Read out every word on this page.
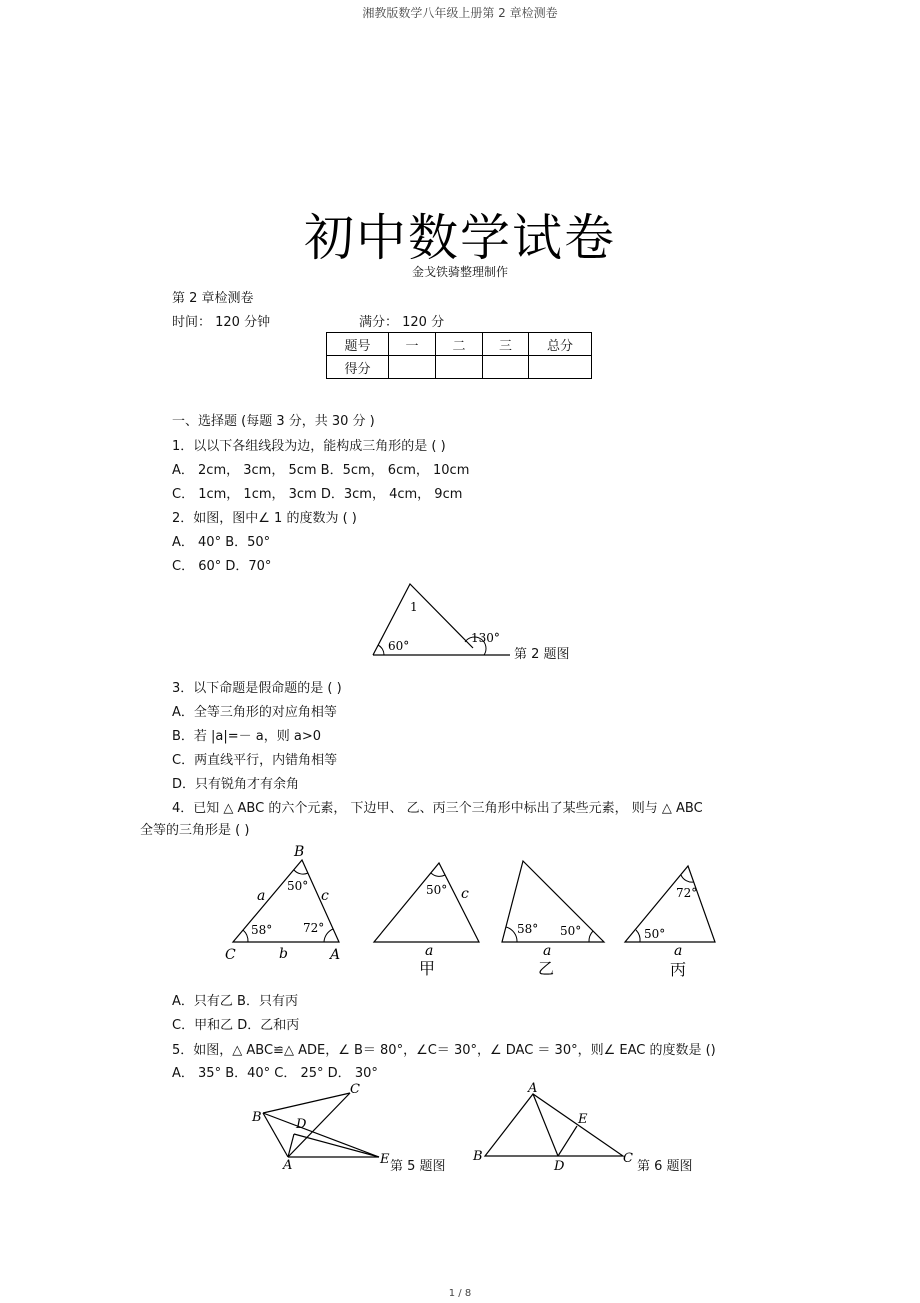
湘教版数学八年级上册第 2 章检测卷
初中数学试卷
金戈铁骑整理制作
第 2 章检测卷
时间： 120 分钟	满分： 120 分
题号	一	二	三	总分
得分				
一、选择题 (每题 3 分，共 30 分 )
1．以以下各组线段为边，能构成三角形的是 ( )
A． 2cm， 3cm， 5cm B．5cm， 6cm， 10cm
C． 1cm， 1cm， 3cm D．3cm， 4cm， 9cm
2．如图，图中∠ 1 的度数为 ( )
A． 40° B．50°
C． 60° D．70°
1
60°
130°
第 2 题图
3．以下命题是假命题的是 ( )
A．全等三角形的对应角相等
B．若 |a|=－ a，则 a>0
C．两直线平行，内错角相等
D．只有锐角才有余角
4．已知 △ ABC 的六个元素， 下边甲、 乙、丙三个三角形中标出了某些元素， 则与 △ ABC
全等的三角形是 ( )
B
C	A
a
b
c
50°
58°	72°
50° c
a
甲
58° 50°
a
乙
72°
50°
a
丙
A．只有乙 B．只有丙
C．甲和乙 D．乙和丙
5．如图，△ ABC≌△ ADE，∠ B＝ 80°，∠C＝ 30°，∠ DAC ＝ 30°，则∠ EAC 的度数是 ()
A． 35° B．40° C． 25° D． 30°
C
B	D
A	E 第 5 题图
A
E
B
D
C
第 6 题图
1 / 8
